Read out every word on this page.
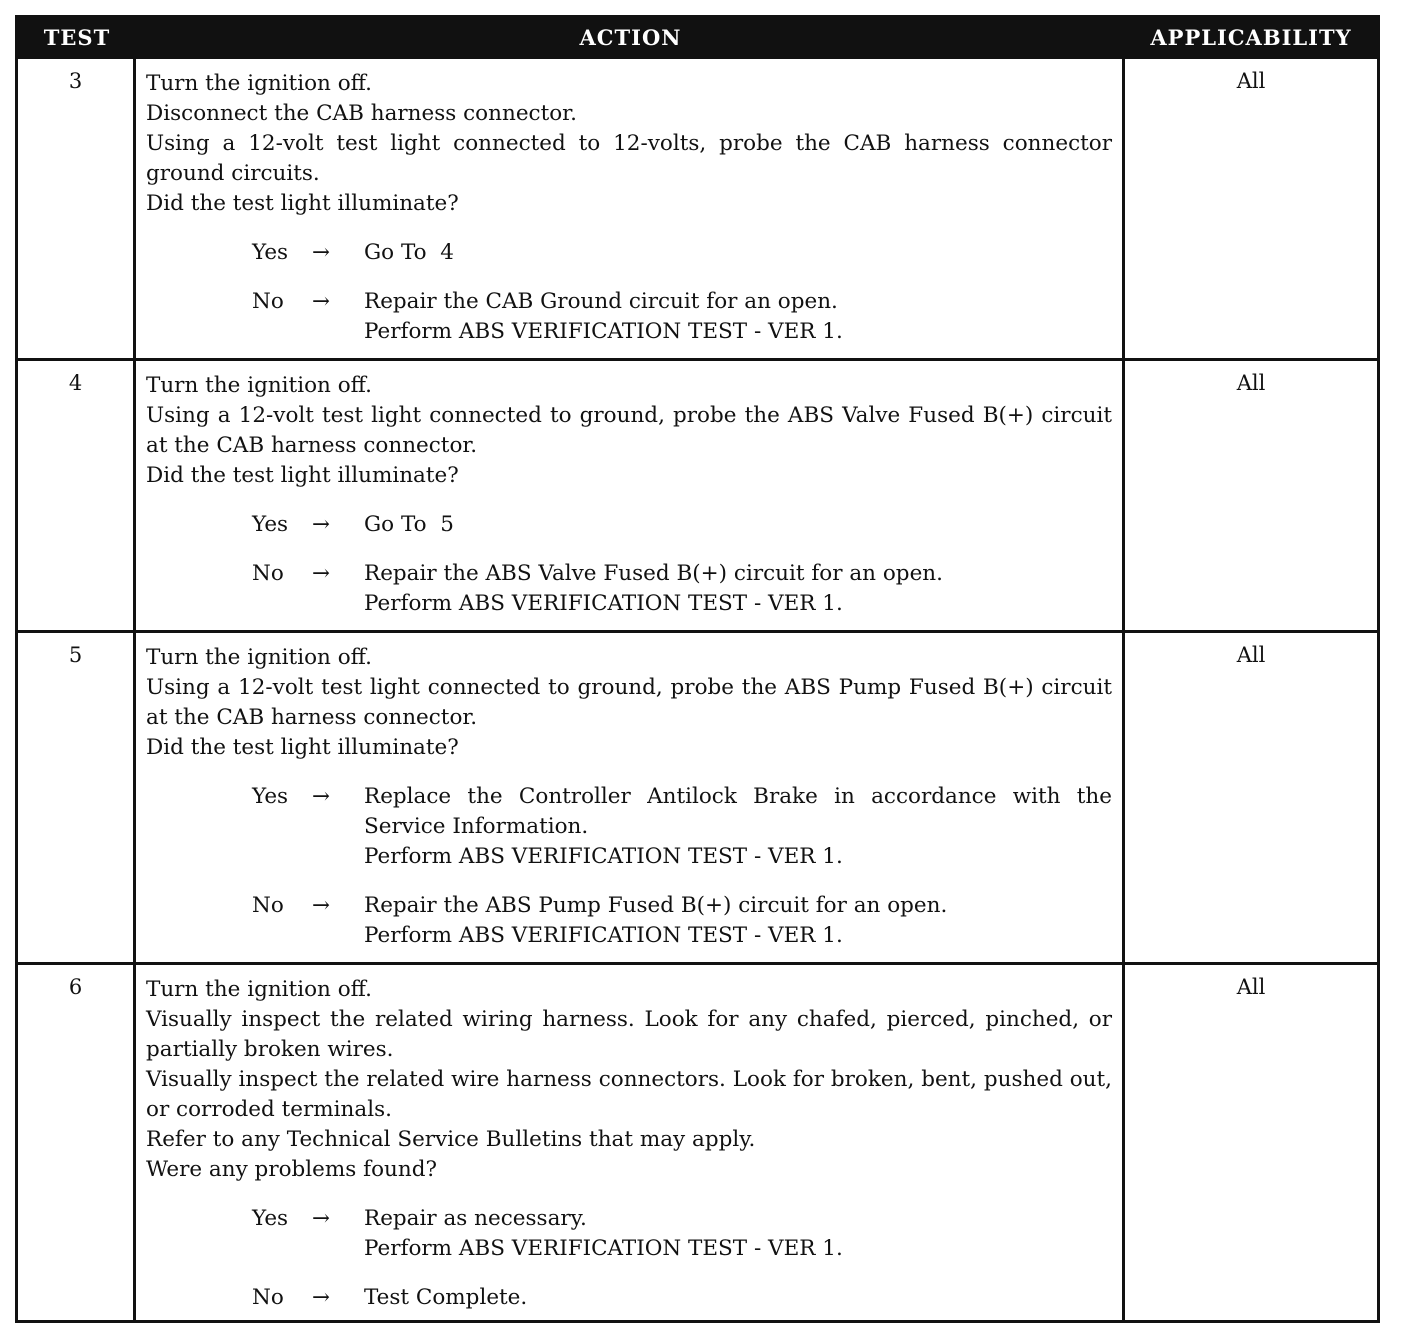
TEST	ACTION	APPLICABILITY
3	Turn the ignition off.
Disconnect the CAB harness connector.
Using a 12-volt test light connected to 12-volts, probe the CAB harness connector ground circuits.
Did the test light illuminate?
Yes	→	Go To  4
No	→	Repair the CAB Ground circuit for an open.
Perform ABS VERIFICATION TEST - VER 1.
All
4	Turn the ignition off.
Using a 12-volt test light connected to ground, probe the ABS Valve Fused B(+) circuit at the CAB harness connector.
Did the test light illuminate?
Yes	→	Go To  5
No	→	Repair the ABS Valve Fused B(+) circuit for an open.
Perform ABS VERIFICATION TEST - VER 1.
All
5	Turn the ignition off.
Using a 12-volt test light connected to ground, probe the ABS Pump Fused B(+) circuit at the CAB harness connector.
Did the test light illuminate?
Yes	→	Replace the Controller Antilock Brake in accordance with the Service Information.
Perform ABS VERIFICATION TEST - VER 1.
No	→	Repair the ABS Pump Fused B(+) circuit for an open.
Perform ABS VERIFICATION TEST - VER 1.
All
6	Turn the ignition off.
Visually inspect the related wiring harness. Look for any chafed, pierced, pinched, or partially broken wires.
Visually inspect the related wire harness connectors. Look for broken, bent, pushed out, or corroded terminals.
Refer to any Technical Service Bulletins that may apply.
Were any problems found?
Yes	→	Repair as necessary.
Perform ABS VERIFICATION TEST - VER 1.
No	→	Test Complete.
All
